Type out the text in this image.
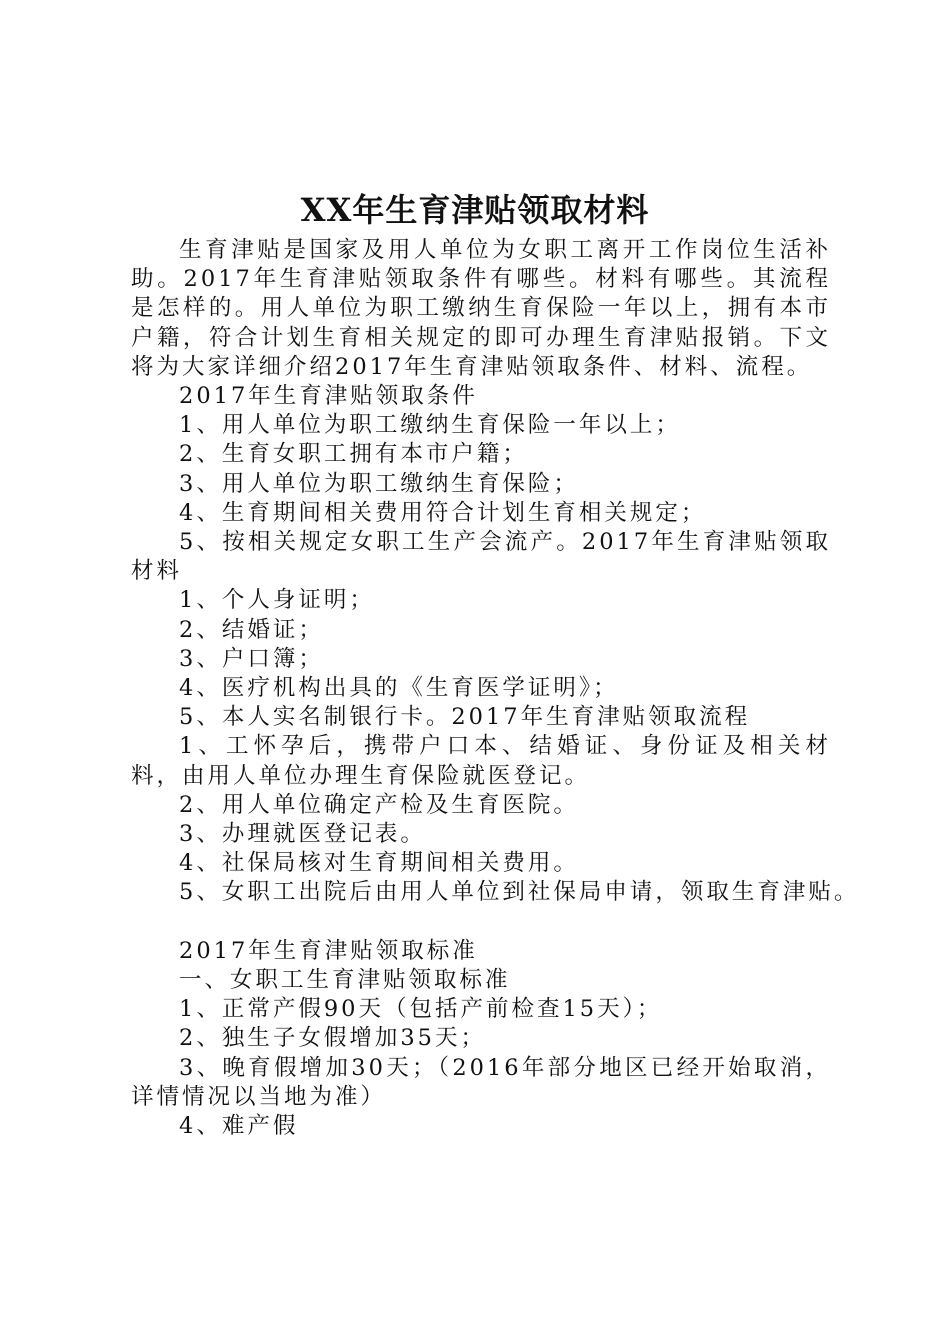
XX年生育津贴领取材料

生育津贴是国家及用人单位为女职工离开工作岗位生活补助。2017年生育津贴领取条件有哪些。材料有哪些。其流程是怎样的。用人单位为职工缴纳生育保险一年以上，拥有本市户籍，符合计划生育相关规定的即可办理生育津贴报销。下文将为大家详细介绍2017年生育津贴领取条件、材料、流程。

2017年生育津贴领取条件

1、用人单位为职工缴纳生育保险一年以上；

2、生育女职工拥有本市户籍；

3、用人单位为职工缴纳生育保险；

4、生育期间相关费用符合计划生育相关规定；

5、按相关规定女职工生产会流产。2017年生育津贴领取材料

1、个人身证明；

2、结婚证；

3、户口簿；

4、医疗机构出具的《生育医学证明》；

5、本人实名制银行卡。2017年生育津贴领取流程

1、工怀孕后，携带户口本、结婚证、身份证及相关材料，由用人单位办理生育保险就医登记。

2、用人单位确定产检及生育医院。

3、办理就医登记表。

4、社保局核对生育期间相关费用。

5、女职工出院后由用人单位到社保局申请，领取生育津贴。

2017年生育津贴领取标准

一、女职工生育津贴领取标准

1、正常产假90天（包括产前检查15天）；

2、独生子女假增加35天；

3、晚育假增加30天；（2016年部分地区已经开始取消，详情情况以当地为准）

4、难产假
